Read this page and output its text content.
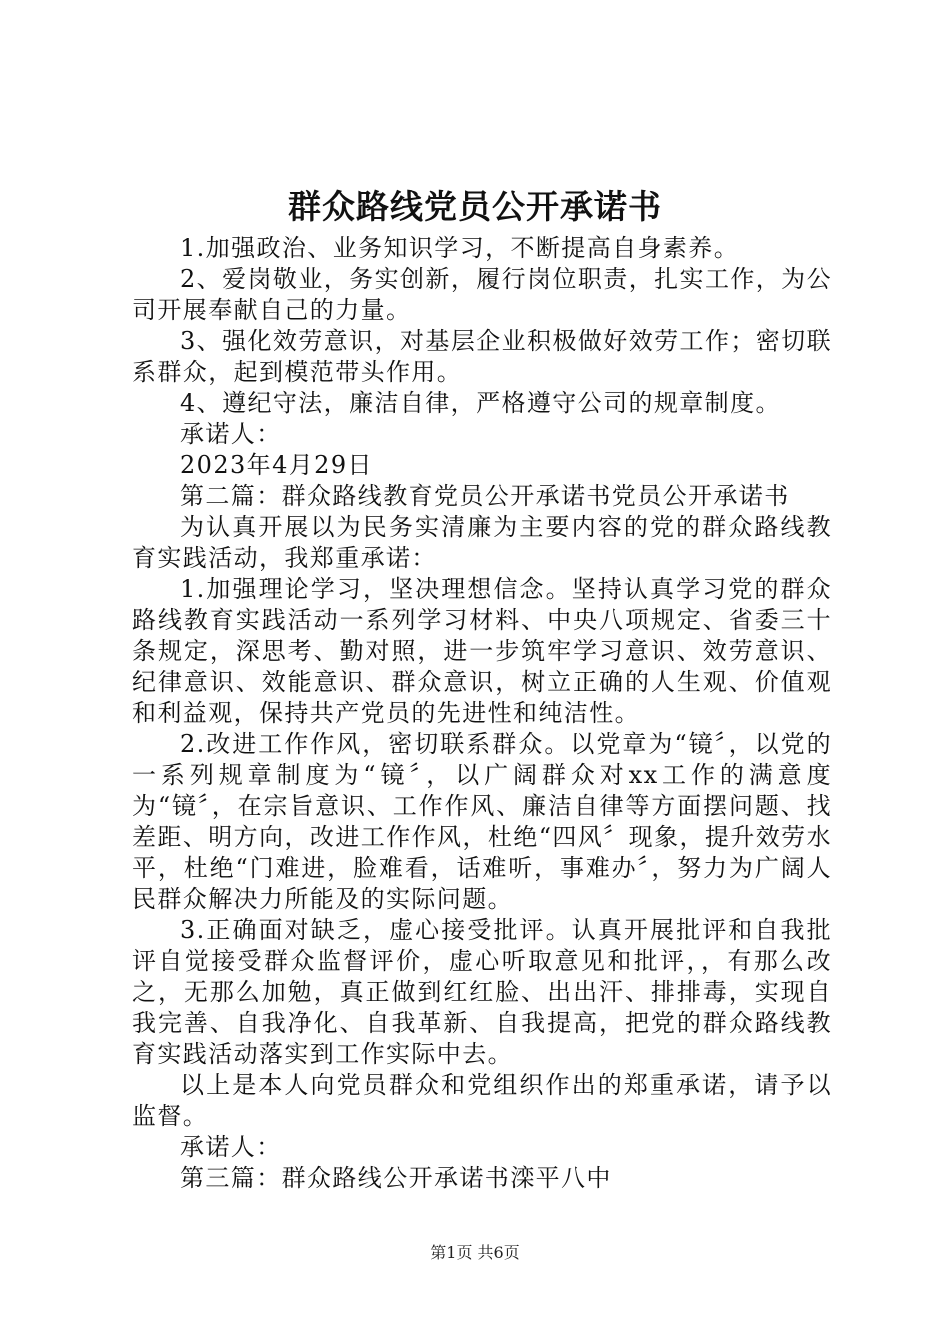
群众路线党员公开承诺书

1.加强政治、业务知识学习，不断提高自身素养。

2、爱岗敬业，务实创新，履行岗位职责，扎实工作，为公司开展奉献自己的力量。

3、强化效劳意识，对基层企业积极做好效劳工作；密切联系群众，起到模范带头作用。

4、遵纪守法，廉洁自律，严格遵守公司的规章制度。

承诺人：

2023年4月29日

第二篇：群众路线教育党员公开承诺书党员公开承诺书

为认真开展以为民务实清廉为主要内容的党的群众路线教育实践活动，我郑重承诺：

1.加强理论学习，坚决理想信念。坚持认真学习党的群众路线教育实践活动一系列学习材料、中央八项规定、省委三十条规定，深思考、勤对照，进一步筑牢学习意识、效劳意识、纪律意识、效能意识、群众意识，树立正确的人生观、价值观和利益观，保持共产党员的先进性和纯洁性。

2.改进工作作风，密切联系群众。以党章为“镜〞，以党的一系列规章制度为“镜〞，以广阔群众对xx工作的满意度为“镜〞，在宗旨意识、工作作风、廉洁自律等方面摆问题、找差距、明方向，改进工作作风，杜绝“四风〞现象，提升效劳水平，杜绝“门难进，脸难看，话难听，事难办〞，努力为广阔人民群众解决力所能及的实际问题。

3.正确面对缺乏，虚心接受批评。认真开展批评和自我批评自觉接受群众监督评价，虚心听取意见和批评，，有那么改之，无那么加勉，真正做到红红脸、出出汗、排排毒，实现自我完善、自我净化、自我革新、自我提高，把党的群众路线教育实践活动落实到工作实际中去。

以上是本人向党员群众和党组织作出的郑重承诺，请予以监督。

承诺人：

第三篇：群众路线公开承诺书滦平八中

第1页 共6页
